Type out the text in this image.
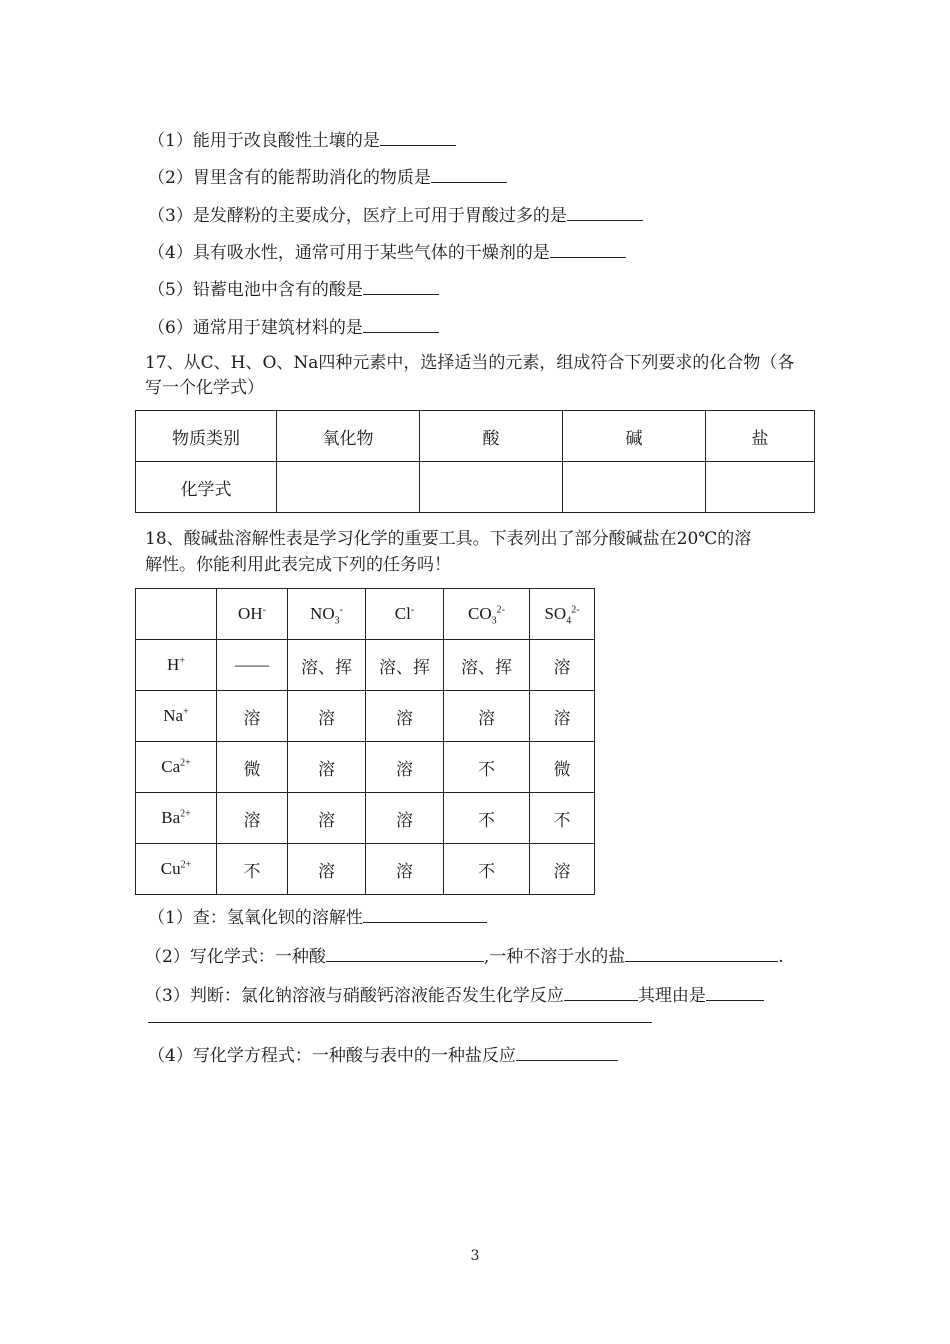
（1）能用于改良酸性土壤的是
（2）胃里含有的能帮助消化的物质是
（3）是发酵粉的主要成分，医疗上可用于胃酸过多的是
（4）具有吸水性，通常可用于某些气体的干燥剂的是
（5）铅蓄电池中含有的酸是
（6）通常用于建筑材料的是
17、从C、H、O、Na四种元素中，选择适当的元素，组成符合下列要求的化合物（各
写一个化学式）
物质类别	氧化物	酸	碱	盐
化学式				
18、酸碱盐溶解性表是学习化学的重要工具。下表列出了部分酸碱盐在20℃的溶
解性。你能利用此表完成下列的任务吗！
	OH-	$NO_3^-$	Cl-	$CO_3^{2-}$	$SO_4^{2-}$
H+	——	溶、挥	溶、挥	溶、挥	溶
Na+	溶	溶	溶	溶	溶
$Ca^{2+}$	微	溶	溶	不	微
$Ba^{2+}$	溶	溶	溶	不	不
$Cu^{2+}$	不	溶	溶	不	溶
（1）查：氢氧化钡的溶解性
（2）写化学式：一种酸	,一种不溶于水的盐	.
（3）判断：氯化钠溶液与硝酸钙溶液能否发生化学反应	其理由是
（4）写化学方程式：一种酸与表中的一种盐反应
3
